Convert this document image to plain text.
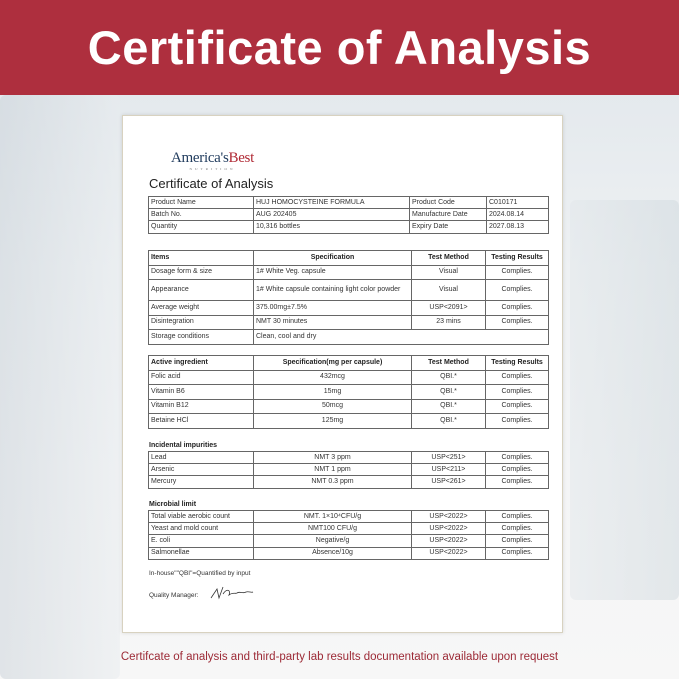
Certificate of Analysis
America'sBest
NUTRITION
Certificate of Analysis
Product Name	HUJ HOMOCYSTEINE FORMULA	Product Code	C010171
Batch No.	AUG 202405	Manufacture Date	2024.08.14
Quantity	10,316 bottles	Expiry Date	2027.08.13
Items	Specification	Test Method	Testing Results
Dosage form & size	1# White Veg. capsule	Visual	Complies.
Appearance	1# White capsule containing light color powder	Visual	Complies.
Average weight	375.00mg±7.5%	USP<2091>	Complies.
Disintegration	NMT 30 minutes	23 mins	Complies.
Storage conditions	Clean, cool and dry		
Active ingredient	Specification(mg per capsule)	Test Method	Testing Results
Folic acid	432mcg	QBI.*	Complies.
Vitamin B6	15mg	QBI.*	Complies.
Vitamin B12	50mcg	QBI.*	Complies.
Betaine HCl	125mg	QBI.*	Complies.
Incidental impurities
Lead	NMT 3 ppm	USP<251>	Complies.
Arsenic	NMT 1 ppm	USP<211>	Complies.
Mercury	NMT 0.3 ppm	USP<261>	Complies.
Microbial limit
Total viable aerobic count	NMT. 1×10⁴CFU/g	USP<2022>	Complies.
Yeast and mold count	NMT100 CFU/g	USP<2022>	Complies.
E. coli	Negative/g	USP<2022>	Complies.
Salmonellae	Absence/10g	USP<2022>	Complies.
In-house""QBI"=Quantified by input
Quality Manager:
Certifcate of analysis and third-party lab results documentation available upon request
